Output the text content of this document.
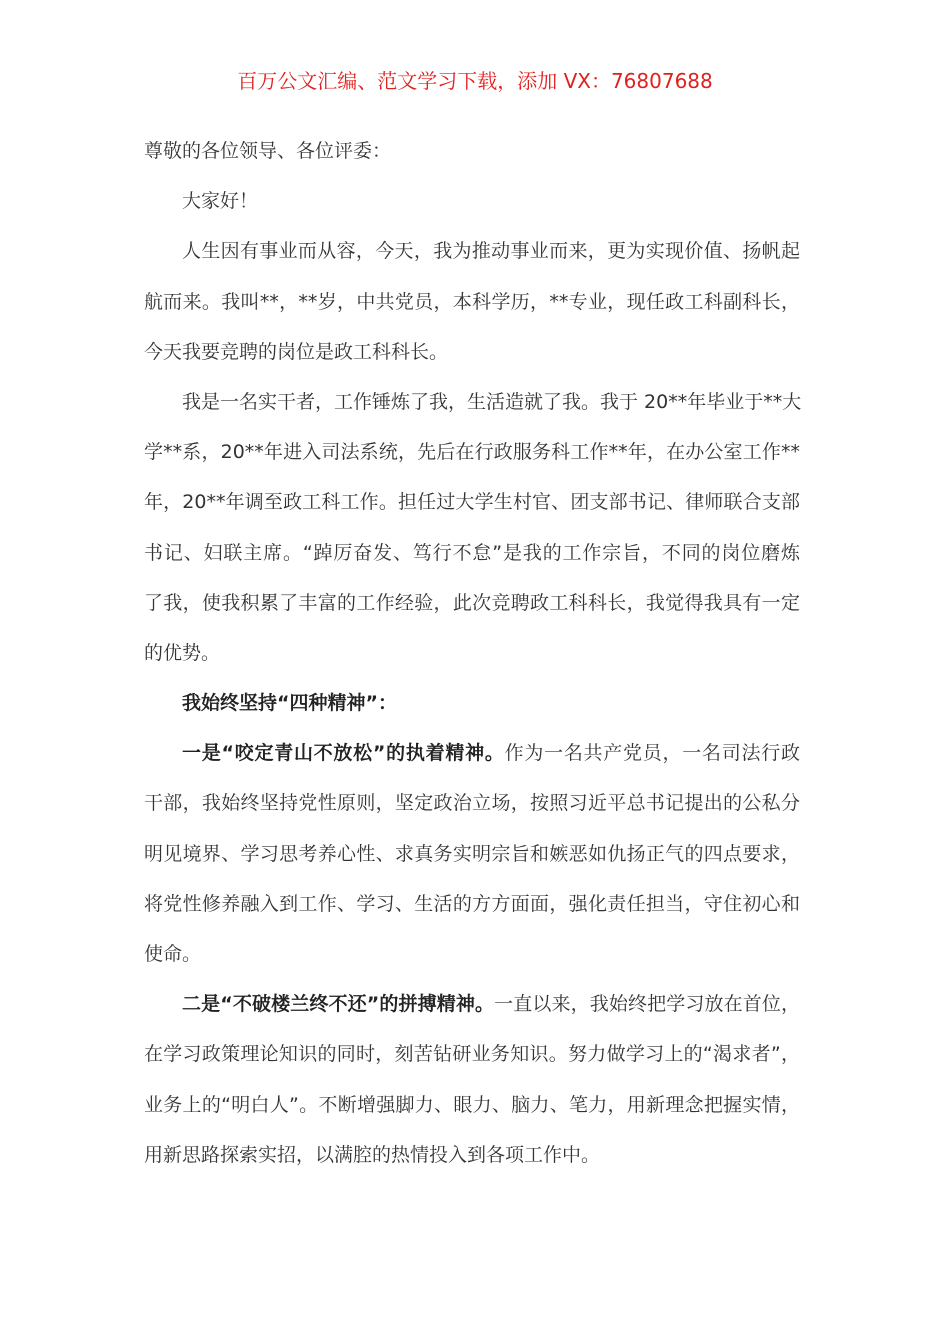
百万公文汇编、范文学习下载，添加 VX：76807688
尊敬的各位领导、各位评委：
大家好！
人生因有事业而从容，今天，我为推动事业而来，更为实现价值、扬帆起
航而来。我叫**，**岁，中共党员，本科学历，**专业，现任政工科副科长，
今天我要竞聘的岗位是政工科科长。
我是一名实干者，工作锤炼了我，生活造就了我。我于 20**年毕业于**大
学**系，20**年进入司法系统，先后在行政服务科工作**年，在办公室工作**
年，20**年调至政工科工作。担任过大学生村官、团支部书记、律师联合支部
书记、妇联主席。“踔厉奋发、笃行不怠”是我的工作宗旨，不同的岗位磨炼
了我，使我积累了丰富的工作经验，此次竞聘政工科科长，我觉得我具有一定
的优势。
我始终坚持“四种精神”：
一是“咬定青山不放松”的执着精神。作为一名共产党员，一名司法行政
干部，我始终坚持党性原则，坚定政治立场，按照习近平总书记提出的公私分
明见境界、学习思考养心性、求真务实明宗旨和嫉恶如仇扬正气的四点要求，
将党性修养融入到工作、学习、生活的方方面面，强化责任担当，守住初心和
使命。
二是“不破楼兰终不还”的拼搏精神。一直以来，我始终把学习放在首位，
在学习政策理论知识的同时，刻苦钻研业务知识。努力做学习上的“渴求者”，
业务上的“明白人”。不断增强脚力、眼力、脑力、笔力，用新理念把握实情，
用新思路探索实招，以满腔的热情投入到各项工作中。
